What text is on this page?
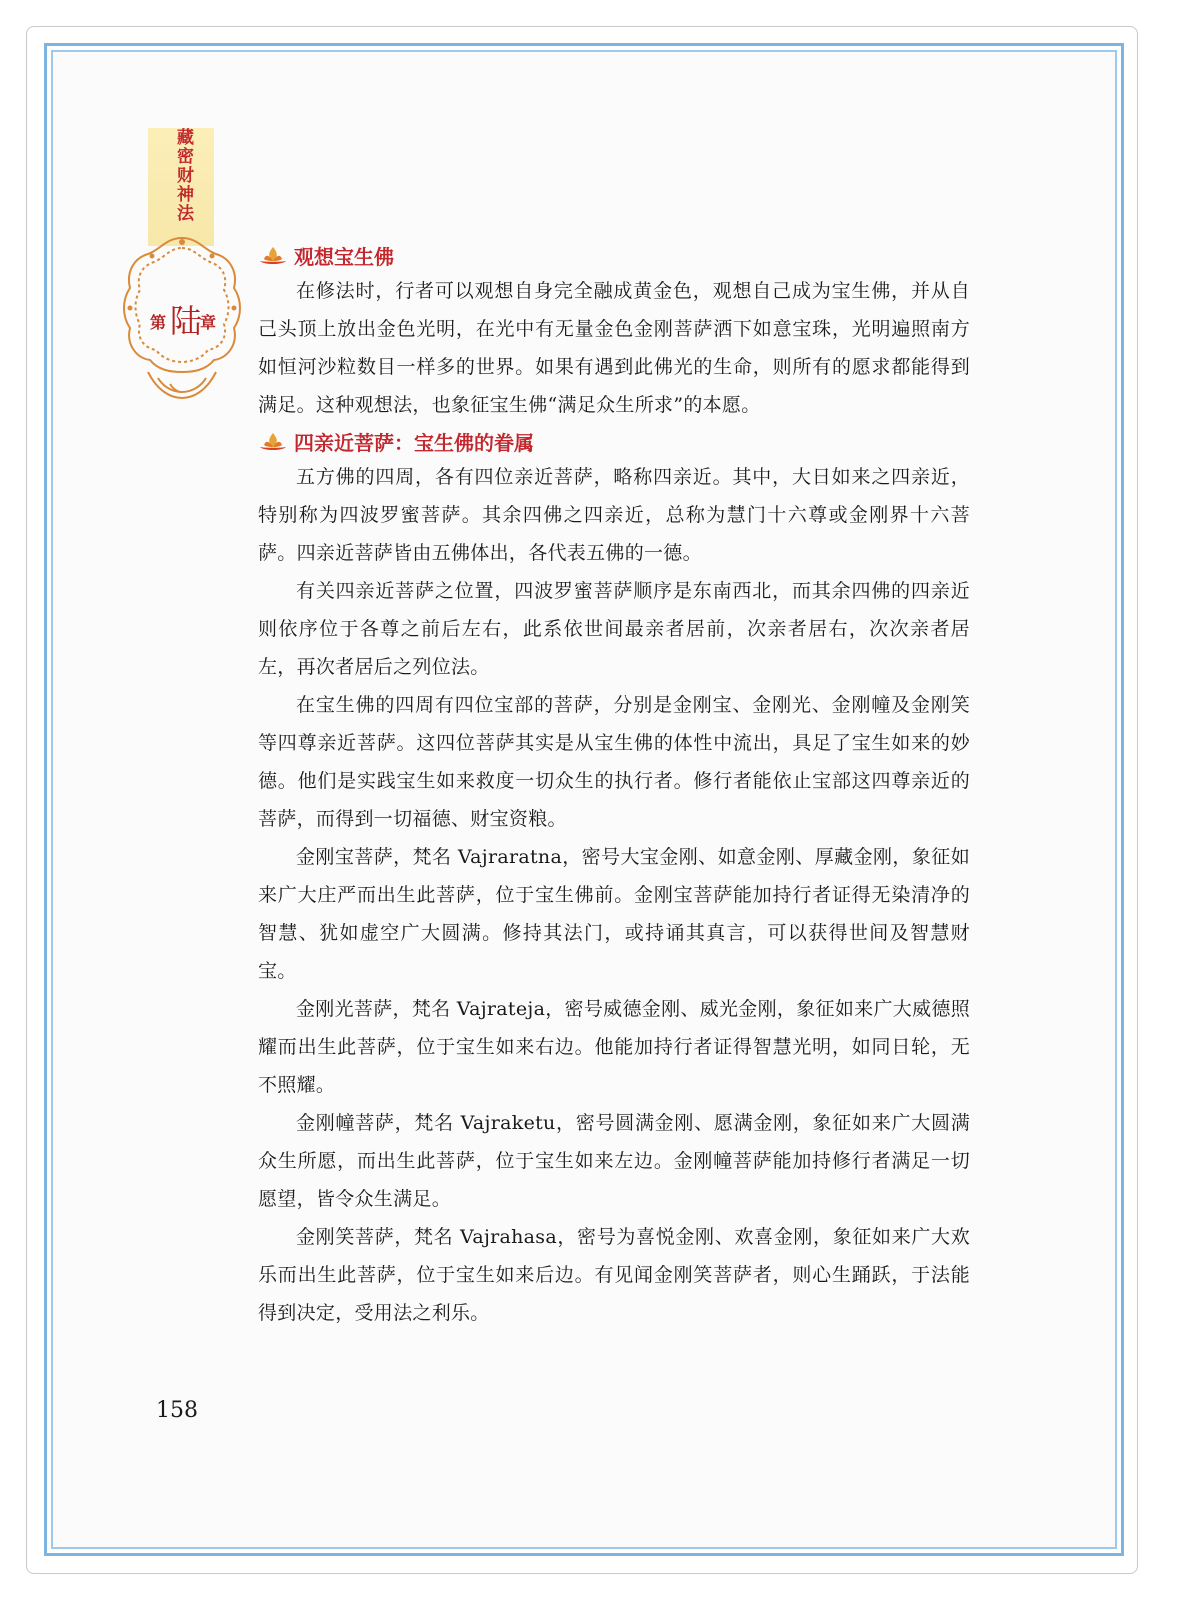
藏密财神法
第 陆
章
观想宝生佛

在修法时，行者可以观想自身完全融成黄金色，观想自己成为宝生佛，并从自己头顶上放出金色光明，在光中有无量金色金刚菩萨洒下如意宝珠，光明遍照南方如恒河沙粒数目一样多的世界。如果有遇到此佛光的生命，则所有的愿求都能得到满足。这种观想法，也象征宝生佛“满足众生所求”的本愿。

四亲近菩萨：宝生佛的眷属

五方佛的四周，各有四位亲近菩萨，略称四亲近。其中，大日如来之四亲近，特别称为四波罗蜜菩萨。其余四佛之四亲近，总称为慧门十六尊或金刚界十六菩萨。四亲近菩萨皆由五佛体出，各代表五佛的一德。

有关四亲近菩萨之位置，四波罗蜜菩萨顺序是东南西北，而其余四佛的四亲近则依序位于各尊之前后左右，此系依世间最亲者居前，次亲者居右，次次亲者居左，再次者居后之列位法。

在宝生佛的四周有四位宝部的菩萨，分别是金刚宝、金刚光、金刚幢及金刚笑等四尊亲近菩萨。这四位菩萨其实是从宝生佛的体性中流出，具足了宝生如来的妙德。他们是实践宝生如来救度一切众生的执行者。修行者能依止宝部这四尊亲近的菩萨，而得到一切福德、财宝资粮。

金刚宝菩萨，梵名 Vajraratna，密号大宝金刚、如意金刚、厚藏金刚，象征如来广大庄严而出生此菩萨，位于宝生佛前。金刚宝菩萨能加持行者证得无染清净的智慧、犹如虚空广大圆满。修持其法门，或持诵其真言，可以获得世间及智慧财宝。

金刚光菩萨，梵名 Vajrateja，密号威德金刚、威光金刚，象征如来广大威德照耀而出生此菩萨，位于宝生如来右边。他能加持行者证得智慧光明，如同日轮，无不照耀。

金刚幢菩萨，梵名 Vajraketu，密号圆满金刚、愿满金刚，象征如来广大圆满众生所愿，而出生此菩萨，位于宝生如来左边。金刚幢菩萨能加持修行者满足一切愿望，皆令众生满足。

金刚笑菩萨，梵名 Vajrahasa，密号为喜悦金刚、欢喜金刚，象征如来广大欢乐而出生此菩萨，位于宝生如来后边。有见闻金刚笑菩萨者，则心生踊跃，于法能得到决定，受用法之利乐。

158
